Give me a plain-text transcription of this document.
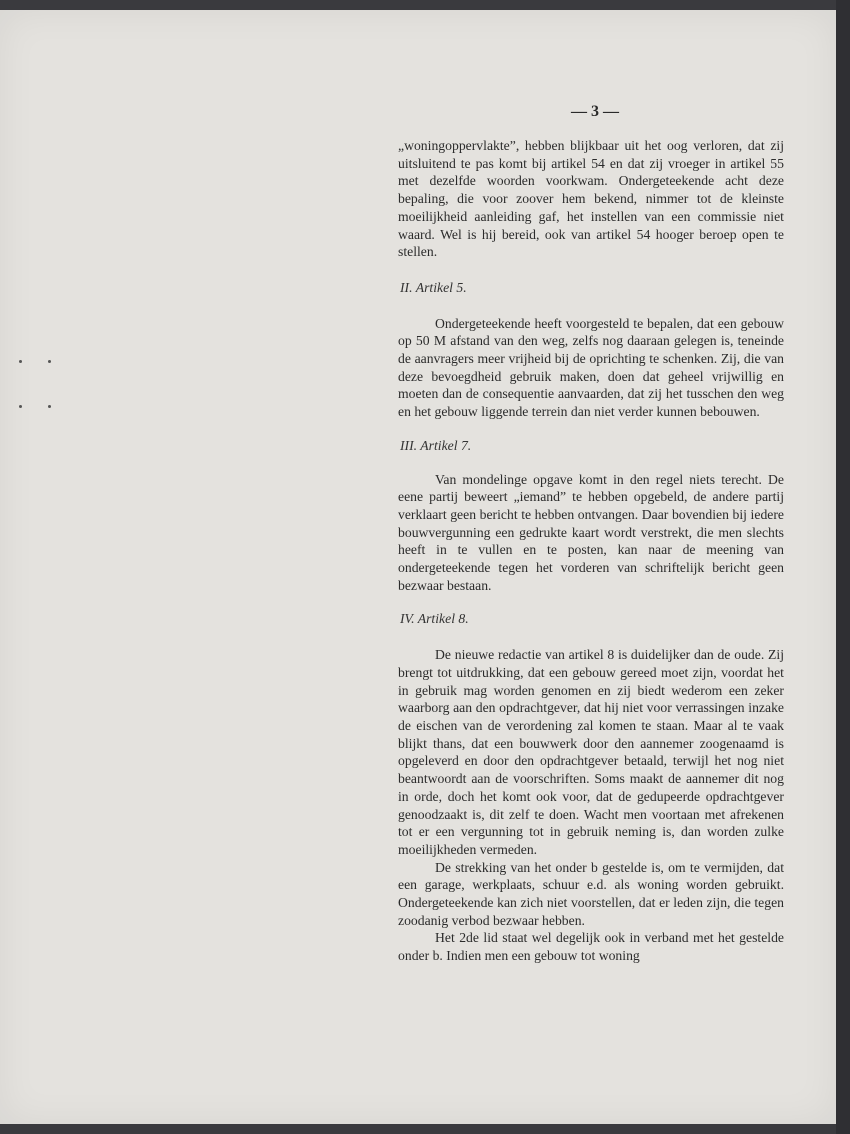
— 3 —

„woningoppervlakte”, hebben blijkbaar uit het oog verloren, dat zij uitsluitend te pas komt bij artikel 54 en dat zij vroeger in artikel 55 met dezelfde woorden voorkwam. Ondergeteekende acht deze bepaling, die voor zoover hem bekend, nimmer tot de kleinste moeilijkheid aanleiding gaf, het instellen van een commissie niet waard. Wel is hij bereid, ook van artikel 54 hooger beroep open te stellen.

II. Artikel 5.

Ondergeteekende heeft voorgesteld te bepalen, dat een gebouw op 50 M afstand van den weg, zelfs nog daaraan gelegen is, teneinde de aanvragers meer vrijheid bij de oprichting te schenken. Zij, die van deze bevoegdheid gebruik maken, doen dat geheel vrijwillig en moeten dan de consequentie aanvaarden, dat zij het tusschen den weg en het gebouw liggende terrein dan niet verder kunnen bebouwen.

III. Artikel 7.

Van mondelinge opgave komt in den regel niets terecht. De eene partij beweert „iemand” te hebben opgebeld, de andere partij verklaart geen bericht te hebben ontvangen. Daar bovendien bij iedere bouwvergunning een gedrukte kaart wordt verstrekt, die men slechts heeft in te vullen en te posten, kan naar de meening van ondergeteekende tegen het vorderen van schriftelijk bericht geen bezwaar bestaan.

IV. Artikel 8.

De nieuwe redactie van artikel 8 is duidelijker dan de oude. Zij brengt tot uitdrukking, dat een gebouw gereed moet zijn, voordat het in gebruik mag worden genomen en zij biedt wederom een zeker waarborg aan den opdrachtgever, dat hij niet voor verrassingen inzake de eischen van de verordening zal komen te staan. Maar al te vaak blijkt thans, dat een bouwwerk door den aannemer zoogenaamd is opgeleverd en door den opdrachtgever betaald, terwijl het nog niet beantwoordt aan de voorschriften. Soms maakt de aannemer dit nog in orde, doch het komt ook voor, dat de gedupeerde opdrachtgever genoodzaakt is, dit zelf te doen. Wacht men voortaan met afrekenen tot er een vergunning tot in gebruik neming is, dan worden zulke moeilijkheden vermeden.

De strekking van het onder b gestelde is, om te vermijden, dat een garage, werkplaats, schuur e.d. als woning worden gebruikt. Ondergeteekende kan zich niet voorstellen, dat er leden zijn, die tegen zoodanig verbod bezwaar hebben.

Het 2de lid staat wel degelijk ook in verband met het gestelde onder b. Indien men een gebouw tot woning
